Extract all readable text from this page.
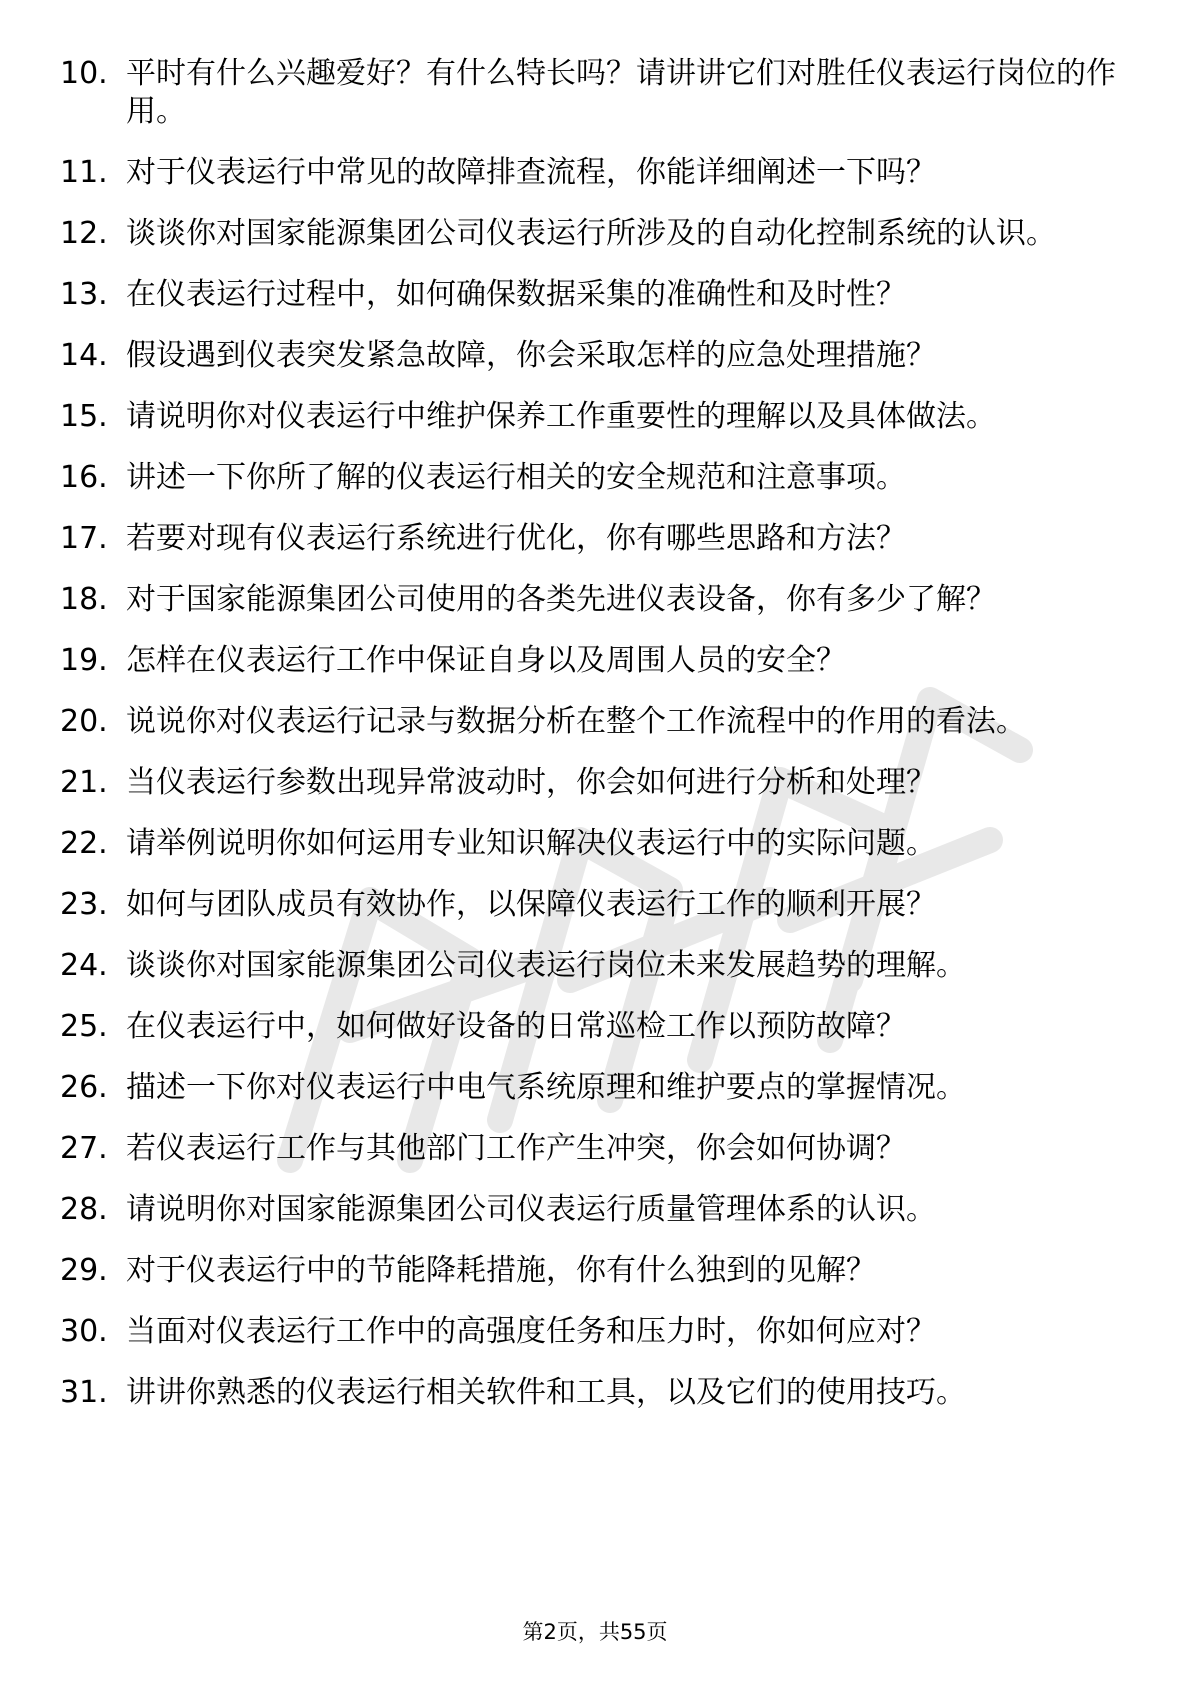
10. 平时有什么兴趣爱好？有什么特长吗？请讲讲它们对胜任仪表运行岗位的作用。
11. 对于仪表运行中常见的故障排查流程，你能详细阐述一下吗？
12. 谈谈你对国家能源集团公司仪表运行所涉及的自动化控制系统的认识。
13. 在仪表运行过程中，如何确保数据采集的准确性和及时性？
14. 假设遇到仪表突发紧急故障，你会采取怎样的应急处理措施？
15. 请说明你对仪表运行中维护保养工作重要性的理解以及具体做法。
16. 讲述一下你所了解的仪表运行相关的安全规范和注意事项。
17. 若要对现有仪表运行系统进行优化，你有哪些思路和方法？
18. 对于国家能源集团公司使用的各类先进仪表设备，你有多少了解？
19. 怎样在仪表运行工作中保证自身以及周围人员的安全？
20. 说说你对仪表运行记录与数据分析在整个工作流程中的作用的看法。
21. 当仪表运行参数出现异常波动时，你会如何进行分析和处理？
22. 请举例说明你如何运用专业知识解决仪表运行中的实际问题。
23. 如何与团队成员有效协作，以保障仪表运行工作的顺利开展？
24. 谈谈你对国家能源集团公司仪表运行岗位未来发展趋势的理解。
25. 在仪表运行中，如何做好设备的日常巡检工作以预防故障？
26. 描述一下你对仪表运行中电气系统原理和维护要点的掌握情况。
27. 若仪表运行工作与其他部门工作产生冲突，你会如何协调？
28. 请说明你对国家能源集团公司仪表运行质量管理体系的认识。
29. 对于仪表运行中的节能降耗措施，你有什么独到的见解？
30. 当面对仪表运行工作中的高强度任务和压力时，你如何应对？
31. 讲讲你熟悉的仪表运行相关软件和工具，以及它们的使用技巧。
第2页，共55页
